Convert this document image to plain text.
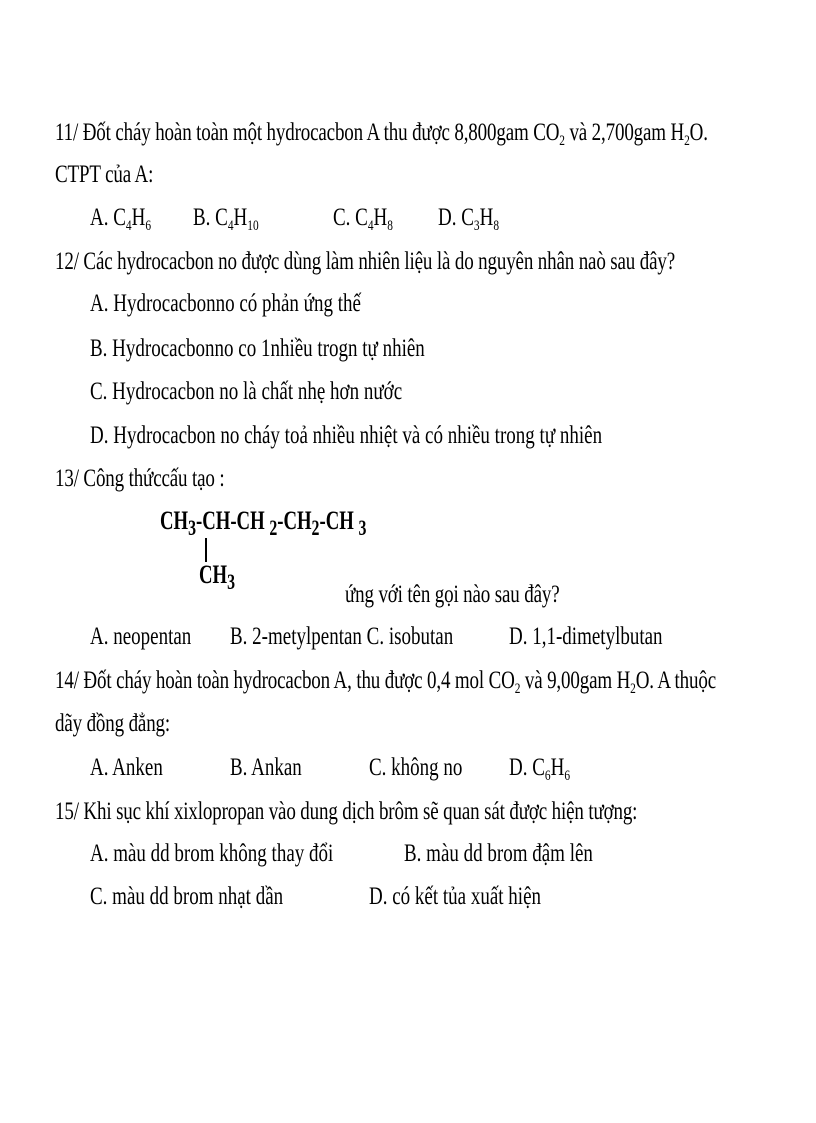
11/ Đốt cháy hoàn toàn một hydrocacbon A thu được 8,800gam $CO_2$ và 2,700gam $H_2O$.
CTPT của A:
A. $C_4H_6$ B. $C_4H_{10}$	C. $C_4H_8$ D. $C_3H_8$
12/ Các hydrocacbon no được dùng làm nhiên liệu là do nguyên nhân naò sau đây?
A. Hydrocacbonno có phản ứng thế
B. Hydrocacbonno co 1nhiều trogn tự nhiên
C. Hydrocacbon no là chất nhẹ hơn nước
D. Hydrocacbon no cháy toả nhiều nhiệt và có nhiều trong tự nhiên
13/ Công thứccấu tạo :
$CH_3-CH-CH$ $_2-CH_2-CH$ $_3$
$CH_3$	ứng với tên gọi nào sau đây?
A. neopentan B. 2-metylpentan C. isobutan D. 1,1-dimetylbutan
14/ Đốt cháy hoàn toàn hydrocacbon A, thu được 0,4 mol $CO_2$ và 9,00gam $H_2O$. A thuộc
dãy đồng đẳng:
A. Anken	B. Ankan	C. không no D. $C_6H_6$
15/ Khi sục khí xixlopropan vào dung dịch brôm sẽ quan sát được hiện tượng:
A. màu dd brom không thay đổi	B. màu dd brom đậm lên
C. màu dd brom nhạt dần	D. có kết tủa xuất hiện
